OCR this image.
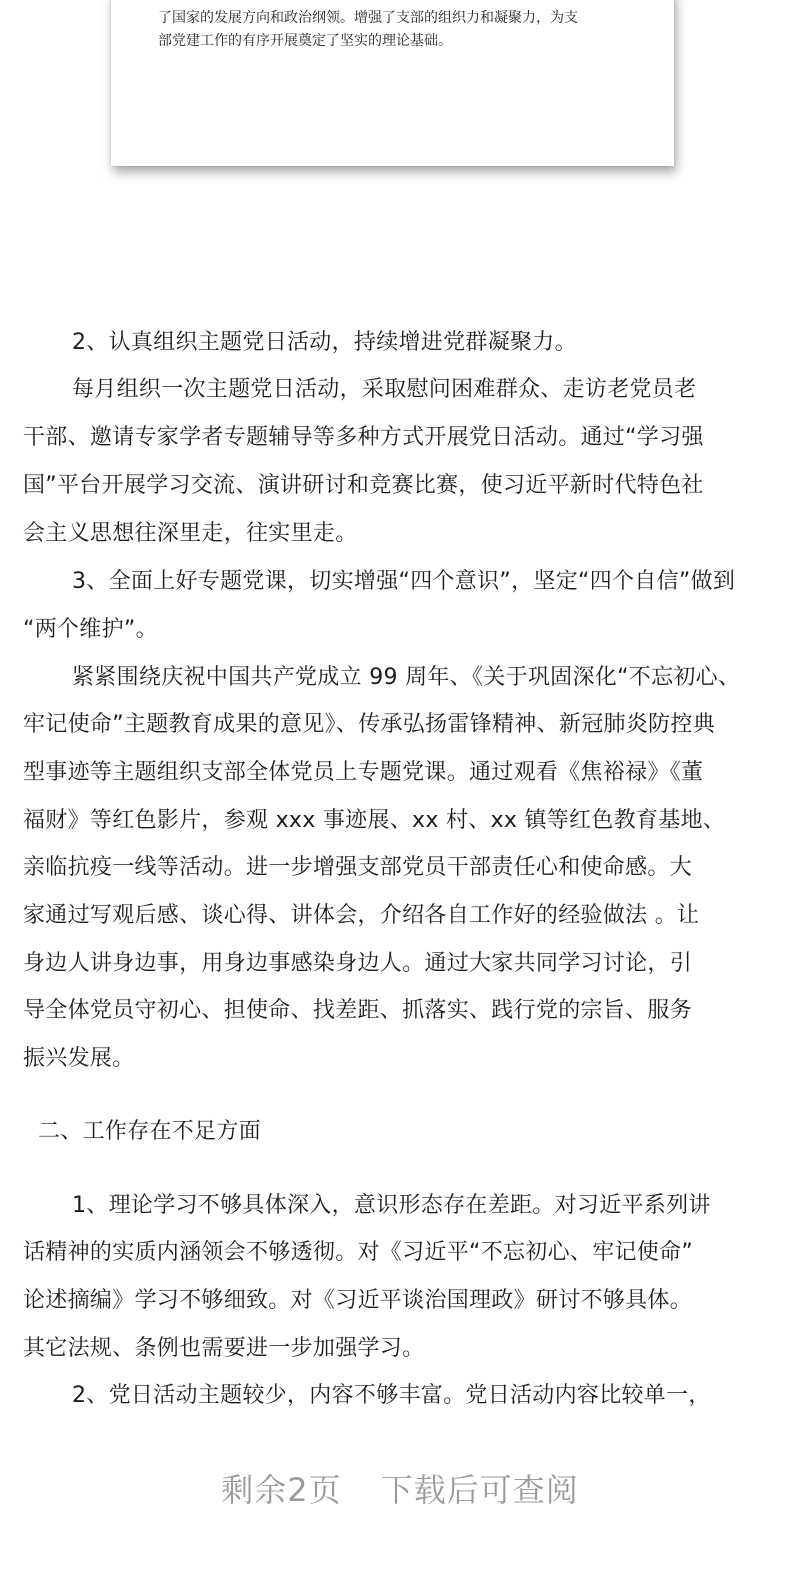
了国家的发展方向和政治纲领。增强了支部的组织力和凝聚力，为支
部党建工作的有序开展奠定了坚实的理论基础。

2、认真组织主题党日活动，持续增进党群凝聚力。
每月组织一次主题党日活动，采取慰问困难群众、走访老党员老
干部、邀请专家学者专题辅导等多种方式开展党日活动。通过“学习强
国”平台开展学习交流、演讲研讨和竞赛比赛，使习近平新时代特色社
会主义思想往深里走，往实里走。
3、全面上好专题党课，切实增强“四个意识”，坚定“四个自信”做到
“两个维护”。
紧紧围绕庆祝中国共产党成立 99 周年、《关于巩固深化“不忘初心、
牢记使命”主题教育成果的意见》、传承弘扬雷锋精神、新冠肺炎防控典
型事迹等主题组织支部全体党员上专题党课。通过观看《焦裕禄》《董
福财》等红色影片，参观 xxx 事迹展、xx 村、xx 镇等红色教育基地、
亲临抗疫一线等活动。进一步增强支部党员干部责任心和使命感。大
家通过写观后感、谈心得、讲体会，介绍各自工作好的经验做法 。让
身边人讲身边事，用身边事感染身边人。通过大家共同学习讨论，引
导全体党员守初心、担使命、找差距、抓落实、践行党的宗旨、服务
振兴发展。
二、工作存在不足方面
1、理论学习不够具体深入，意识形态存在差距。对习近平系列讲
话精神的实质内涵领会不够透彻。对《习近平“不忘初心、牢记使命”
论述摘编》学习不够细致。对《习近平谈治国理政》研讨不够具体。
其它法规、条例也需要进一步加强学习。
2、党日活动主题较少，内容不够丰富。党日活动内容比较单一，
剩余2页 下载后可查阅
